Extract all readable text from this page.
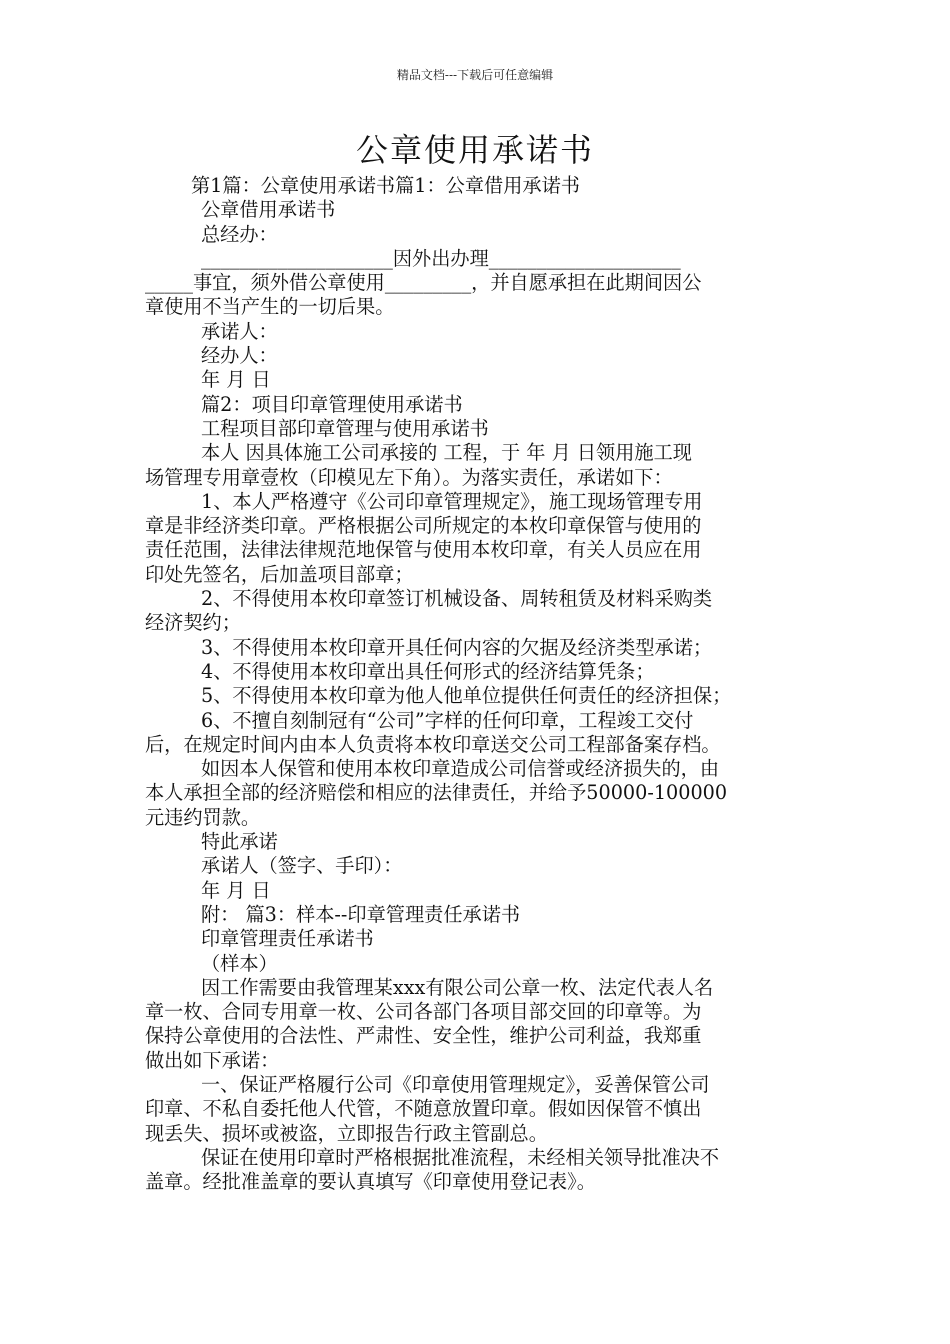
精品文档---下载后可任意编辑
公章使用承诺书
第1篇：公章使用承诺书篇1：公章借用承诺书
公章借用承诺书
总经办：
____________________因外出办理____________________
_____事宜，须外借公章使用_________，并自愿承担在此期间因公
章使用不当产生的一切后果。
承诺人：
经办人：
年 月 日
篇2：项目印章管理使用承诺书
工程项目部印章管理与使用承诺书
本人 因具体施工公司承接的 工程，于 年 月 日领用施工现
场管理专用章壹枚（印模见左下角）。为落实责任，承诺如下：
1、本人严格遵守《公司印章管理规定》，施工现场管理专用
章是非经济类印章。严格根据公司所规定的本枚印章保管与使用的
责任范围，法律法律规范地保管与使用本枚印章，有关人员应在用
印处先签名，后加盖项目部章；
2、不得使用本枚印章签订机械设备、周转租赁及材料采购类
经济契约；
3、不得使用本枚印章开具任何内容的欠据及经济类型承诺；
4、不得使用本枚印章出具任何形式的经济结算凭条；
5、不得使用本枚印章为他人他单位提供任何责任的经济担保；
6、不擅自刻制冠有“公司”字样的任何印章，工程竣工交付
后，在规定时间内由本人负责将本枚印章送交公司工程部备案存档。
如因本人保管和使用本枚印章造成公司信誉或经济损失的，由
本人承担全部的经济赔偿和相应的法律责任，并给予50000-100000
元违约罚款。
特此承诺
承诺人（签字、手印）：
年 月 日
附： 篇3：样本--印章管理责任承诺书
印章管理责任承诺书
（样本）
因工作需要由我管理某xxx有限公司公章一枚、法定代表人名
章一枚、合同专用章一枚、公司各部门各项目部交回的印章等。为
保持公章使用的合法性、严肃性、安全性，维护公司利益，我郑重
做出如下承诺：
一、保证严格履行公司《印章使用管理规定》，妥善保管公司
印章、不私自委托他人代管，不随意放置印章。假如因保管不慎出
现丢失、损坏或被盗，立即报告行政主管副总。
保证在使用印章时严格根据批准流程，未经相关领导批准决不
盖章。经批准盖章的要认真填写《印章使用登记表》。
